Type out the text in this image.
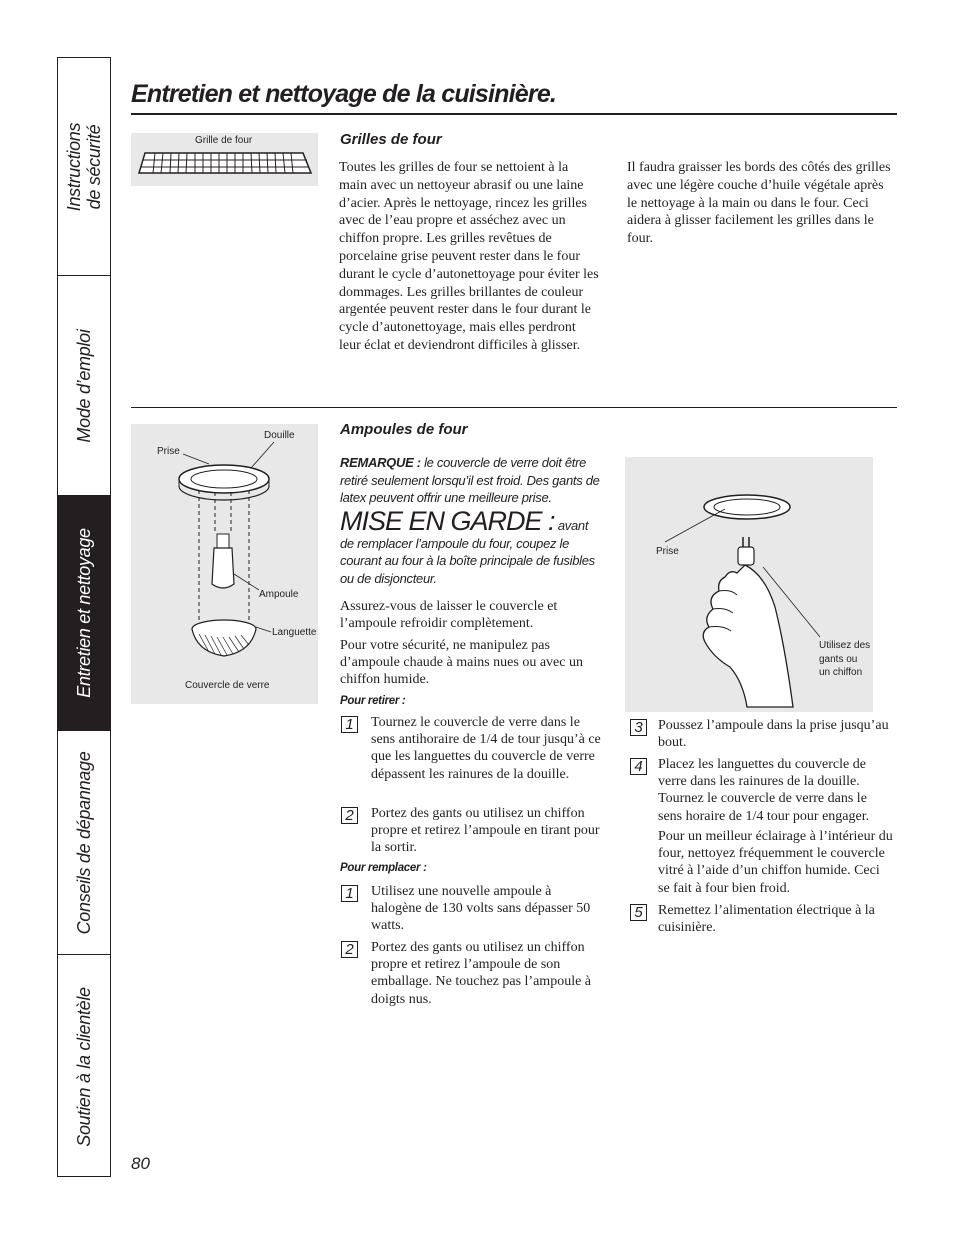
Instructions
de sécurité
Mode d’emploi
Entretien et nettoyage
Conseils de dépannage
Soutien à la clientèle
Entretien et nettoyage de la cuisinière.
Grille de four	Grilles de four

Toutes les grilles de four se nettoient à la main avec un nettoyeur abrasif ou une laine d’acier. Après le nettoyage, rincez les grilles avec de l’eau propre et asséchez avec un chiffon propre. Les grilles revêtues de porcelaine grise peuvent rester dans le four durant le cycle d’autonettoyage pour éviter les dommages. Les grilles brillantes de couleur argentée peuvent rester dans le four durant le cycle d’autonettoyage, mais elles perdront leur éclat et deviendront difficiles à glisser.

Il faudra graisser les bords des côtés des grilles avec une légère couche d’huile végétale après le nettoyage à la main ou dans le four. Ceci aidera à glisser facilement les grilles dans le four.

Douille
Prise
Ampoule
Languette
Couvercle de verre
Ampoules de four
REMARQUE : le couvercle de verre doit être retiré seulement lorsqu’il est froid. Des gants de latex peuvent offrir une meilleure prise.
MISE EN GARDE : avant de remplacer l’ampoule du four, coupez le courant au four à la boîte principale de fusibles ou de disjoncteur.

Assurez-vous de laisser le couvercle et l’ampoule refroidir complètement.

Pour votre sécurité, ne manipulez pas d’ampoule chaude à mains nues ou avec un chiffon humide.

Pour retirer :
1	Tournez le couvercle de verre dans le sens antihoraire de 1/4 de tour jusqu’à ce que les languettes du couvercle de verre dépassent les rainures de la douille.
2	Portez des gants ou utilisez un chiffon propre et retirez l’ampoule en tirant pour la sortir.
Pour remplacer :
1	Utilisez une nouvelle ampoule à halogène de 130 volts sans dépasser 50 watts.
2	Portez des gants ou utilisez un chiffon propre et retirez l’ampoule de son emballage. Ne touchez pas l’ampoule à doigts nus.
Prise
Utilisez des gants ou un chiffon
3	Poussez l’ampoule dans la prise jusqu’au bout.
4	Placez les languettes du couvercle de verre dans les rainures de la douille. Tournez le couvercle de verre dans le sens horaire de 1/4 tour pour engager.

Pour un meilleur éclairage à l’intérieur du four, nettoyez fréquemment le couvercle vitré à l’aide d’un chiffon humide. Ceci se fait à four bien froid.

5	Remettez l’alimentation électrique à la cuisinière.
80
